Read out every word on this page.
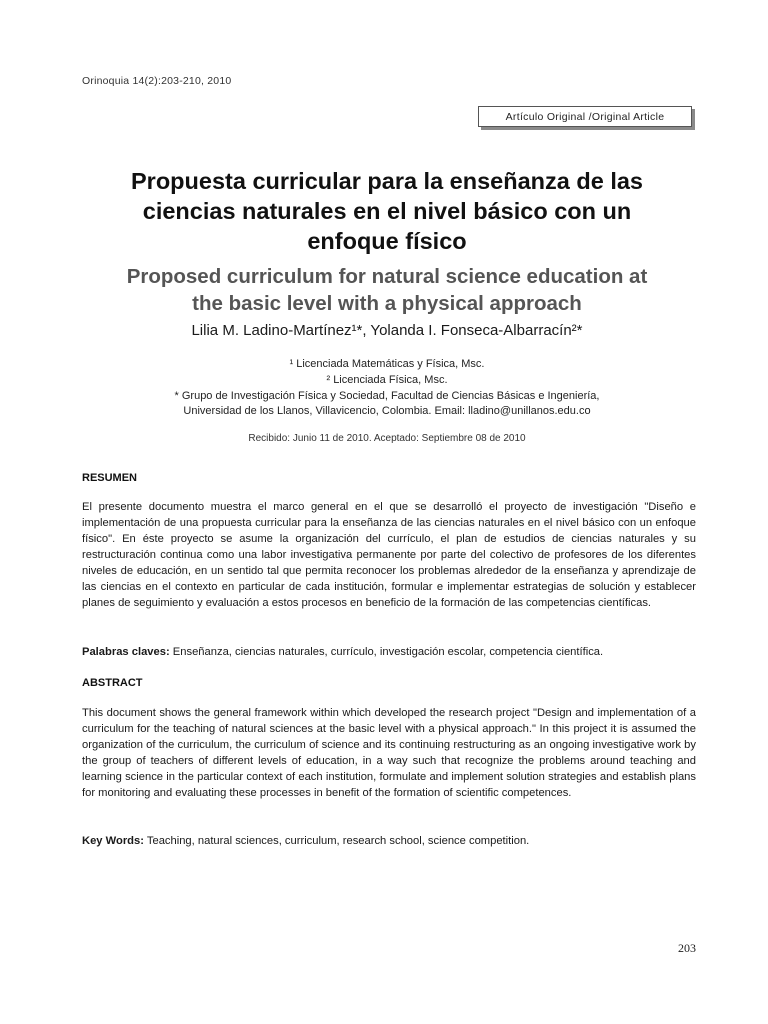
Orinoquia 14(2):203-210, 2010
Artículo Original /Original Article
Propuesta curricular para la enseñanza de las
ciencias naturales en el nivel básico con un
enfoque físico
Proposed curriculum for natural science education at
the basic level with a physical approach
Lilia M. Ladino-Martínez¹*, Yolanda I. Fonseca-Albarracín²*
¹ Licenciada Matemáticas y Física, Msc.
² Licenciada Física, Msc.
* Grupo de Investigación Física y Sociedad, Facultad de Ciencias Básicas e Ingeniería,
Universidad de los Llanos, Villavicencio, Colombia. Email: lladino@unillanos.edu.co
Recibido: Junio 11 de 2010. Aceptado: Septiembre 08 de 2010
RESUMEN

El presente documento muestra el marco general en el que se desarrolló el proyecto de investigación "Diseño e implementación de una propuesta curricular para la enseñanza de las ciencias naturales en el nivel básico con un enfoque físico". En éste proyecto se asume la organización del currículo, el plan de estudios de ciencias naturales y su restructuración continua como una labor investigativa permanente por parte del colectivo de profesores de los diferentes niveles de educación, en un sentido tal que permita reconocer los problemas alrededor de la enseñanza y aprendizaje de las ciencias en el contexto en particular de cada institución, formular e implementar estrategias de solución y establecer planes de seguimiento y evaluación a estos procesos en beneficio de la formación de las competencias científicas.

Palabras claves: Enseñanza, ciencias naturales, currículo, investigación escolar, competencia científica.

ABSTRACT

This document shows the general framework within which developed the research project "Design and implementation of a curriculum for the teaching of natural sciences at the basic level with a physical approach." In this project it is assumed the organization of the curriculum, the curriculum of science and its continuing restructuring as an ongoing investigative work by the group of teachers of different levels of education, in a way such that recognize the problems around teaching and learning science in the particular context of each institution, formulate and implement solution strategies and establish plans for monitoring and evaluating these processes in benefit of the formation of scientific competences.

Key Words: Teaching, natural sciences, curriculum, research school, science competition.

203
